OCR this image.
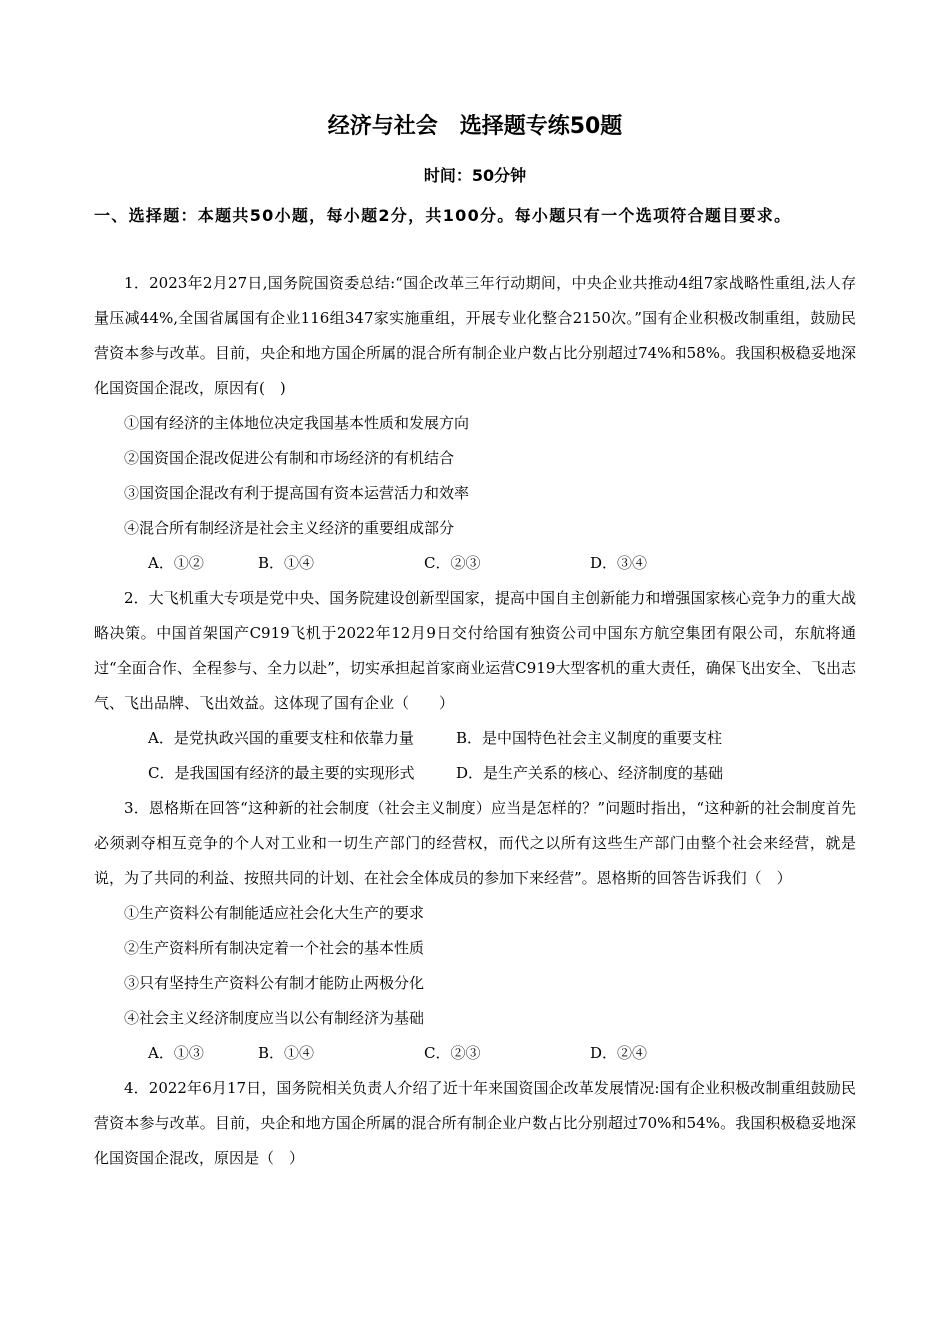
经济与社会　选择题专练50题
时间：50分钟
一、选择题：本题共50小题，每小题2分，共100分。每小题只有一个选项符合题目要求。

1．2023年2月27日,国务院国资委总结:“国企改革三年行动期间，中央企业共推动4组7家战略性重组,法人存量压减44%,全国省属国有企业116组347家实施重组，开展专业化整合2150次。”国有企业积极改制重组，鼓励民营资本参与改革。目前，央企和地方国企所属的混合所有制企业户数占比分别超过74%和58%。我国积极稳妥地深化国资国企混改，原因有(　)

①国有经济的主体地位决定我国基本性质和发展方向
②国资国企混改促进公有制和市场经济的有机结合
③国资国企混改有利于提高国有资本运营活力和效率
④混合所有制经济是社会主义经济的重要组成部分
A．①②	B．①④	C．②③	D．③④

2．大飞机重大专项是党中央、国务院建设创新型国家，提高中国自主创新能力和增强国家核心竞争力的重大战略决策。中国首架国产C919飞机于2022年12月9日交付给国有独资公司中国东方航空集团有限公司，东航将通过“全面合作、全程参与、全力以赴”，切实承担起首家商业运营C919大型客机的重大责任，确保飞出安全、飞出志气、飞出品牌、飞出效益。这体现了国有企业（　　）

A．是党执政兴国的重要支柱和依靠力量	B．是中国特色社会主义制度的重要支柱
C．是我国国有经济的最主要的实现形式	D．是生产关系的核心、经济制度的基础

3．恩格斯在回答“这种新的社会制度（社会主义制度）应当是怎样的？”问题时指出，“这种新的社会制度首先必须剥夺相互竞争的个人对工业和一切生产部门的经营权，而代之以所有这些生产部门由整个社会来经营，就是说，为了共同的利益、按照共同的计划、在社会全体成员的参加下来经营”。恩格斯的回答告诉我们（　）

①生产资料公有制能适应社会化大生产的要求
②生产资料所有制决定着一个社会的基本性质
③只有坚持生产资料公有制才能防止两极分化
④社会主义经济制度应当以公有制经济为基础
A．①③	B．①④	C．②③	D．②④

4．2022年6月17日，国务院相关负责人介绍了近十年来国资国企改革发展情况:国有企业积极改制重组鼓励民营资本参与改革。目前，央企和地方国企所属的混合所有制企业户数占比分别超过70%和54%。我国积极稳妥地深化国资国企混改，原因是（　）
